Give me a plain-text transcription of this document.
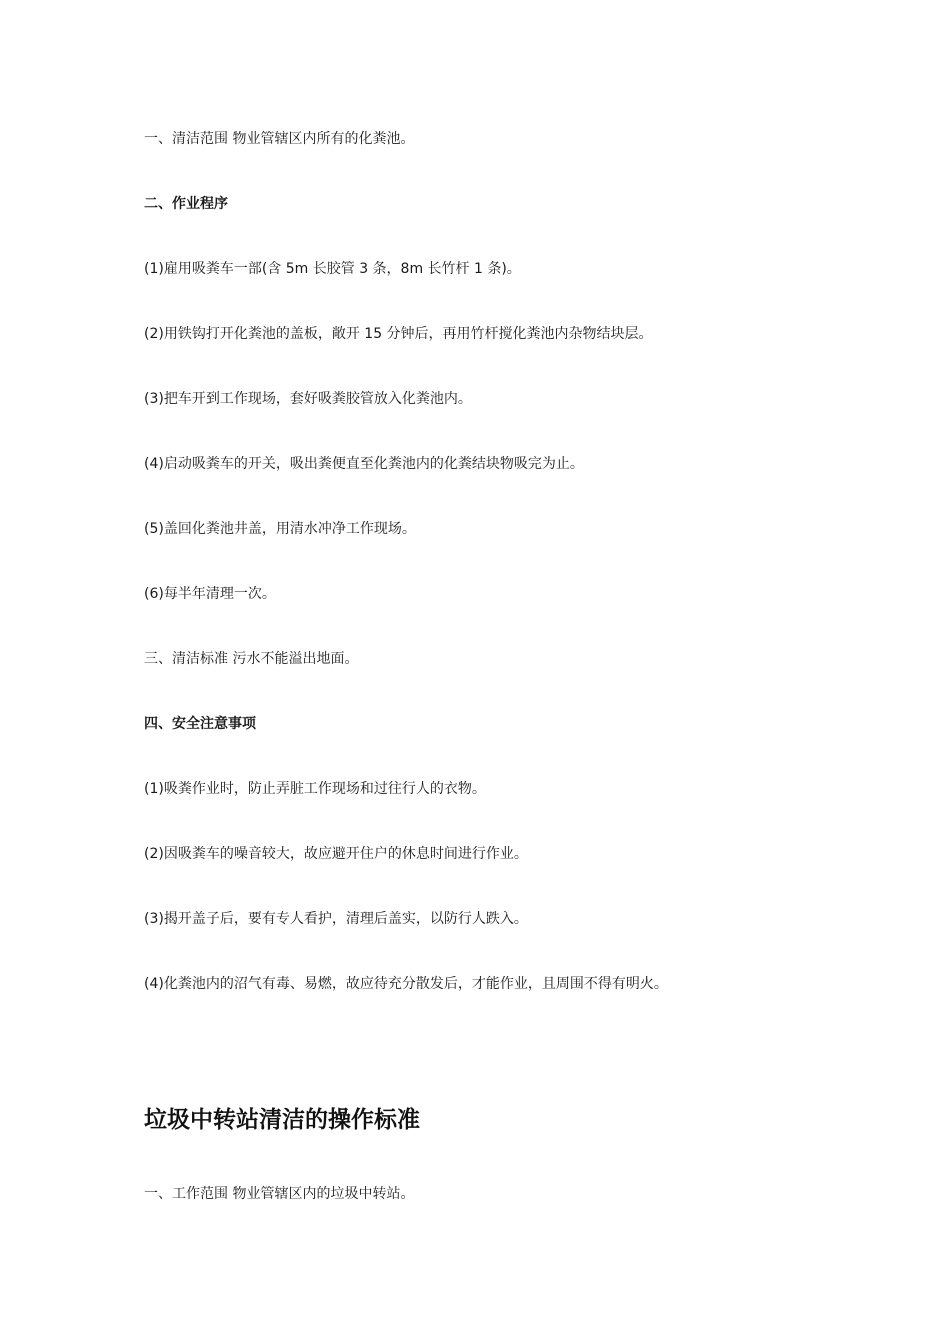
一、清洁范围 物业管辖区内所有的化粪池。
二、作业程序
(1)雇用吸粪车一部(含 5m 长胶管 3 条，8m 长竹杆 1 条)。
(2)用铁钩打开化粪池的盖板，敞开 15 分钟后，再用竹杆搅化粪池内杂物结块层。
(3)把车开到工作现场，套好吸粪胶管放入化粪池内。
(4)启动吸粪车的开关，吸出粪便直至化粪池内的化粪结块物吸完为止。
(5)盖回化粪池井盖，用清水冲净工作现场。
(6)每半年清理一次。
三、清洁标准 污水不能溢出地面。
四、安全注意事项
(1)吸粪作业时，防止弄脏工作现场和过往行人的衣物。
(2)因吸粪车的噪音较大，故应避开住户的休息时间进行作业。
(3)揭开盖子后，要有专人看护，清理后盖实，以防行人跌入。
(4)化粪池内的沼气有毒、易燃，故应待充分散发后，才能作业，且周围不得有明火。
垃圾中转站清洁的操作标准
一、工作范围 物业管辖区内的垃圾中转站。
